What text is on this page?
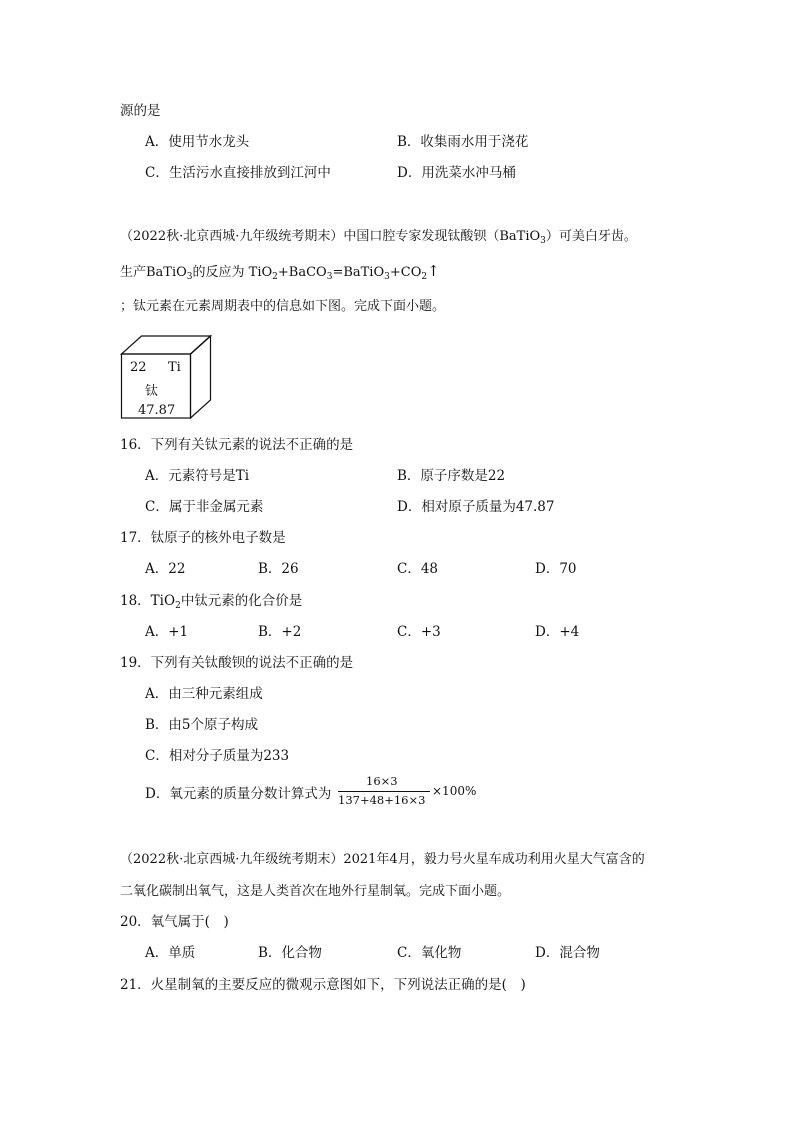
源的是
A．使用节水龙头	B．收集雨水用于浇花
C．生活污水直接排放到江河中	D．用洗菜水冲马桶
（2022秋·北京西城·九年级统考期末）中国口腔专家发现钛酸钡（BaTiO$_3$）可美白牙齿。
生产BaTiO$_3$的反应为 $TiO_2+BaCO_3=BaTiO_3+CO_2↑$
；钛元素在元素周期表中的信息如下图。完成下面小题。
22 Ti
钛
47.87
16．下列有关钛元素的说法不正确的是
A．元素符号是Ti	B．原子序数是22
C．属于非金属元素	D．相对原子质量为47.87
17．钛原子的核外电子数是
A．22	B．26	C．48	D．70
18．TiO$_2$中钛元素的化合价是
A．+1	B．+2	C．+3	D．+4
19．下列有关钛酸钡的说法不正确的是
A．由三种元素组成
B．由5个原子构成
C．相对分子质量为233
D．氧元素的质量分数计算式为
16×3
137+48+16×3
×100%
（2022秋·北京西城·九年级统考期末）2021年4月，毅力号火星车成功利用火星大气富含的
二氧化碳制出氧气，这是人类首次在地外行星制氧。完成下面小题。
20．氧气属于(　)
A．单质	B．化合物	C．氧化物	D．混合物
21．火星制氧的主要反应的微观示意图如下，下列说法正确的是(　)
